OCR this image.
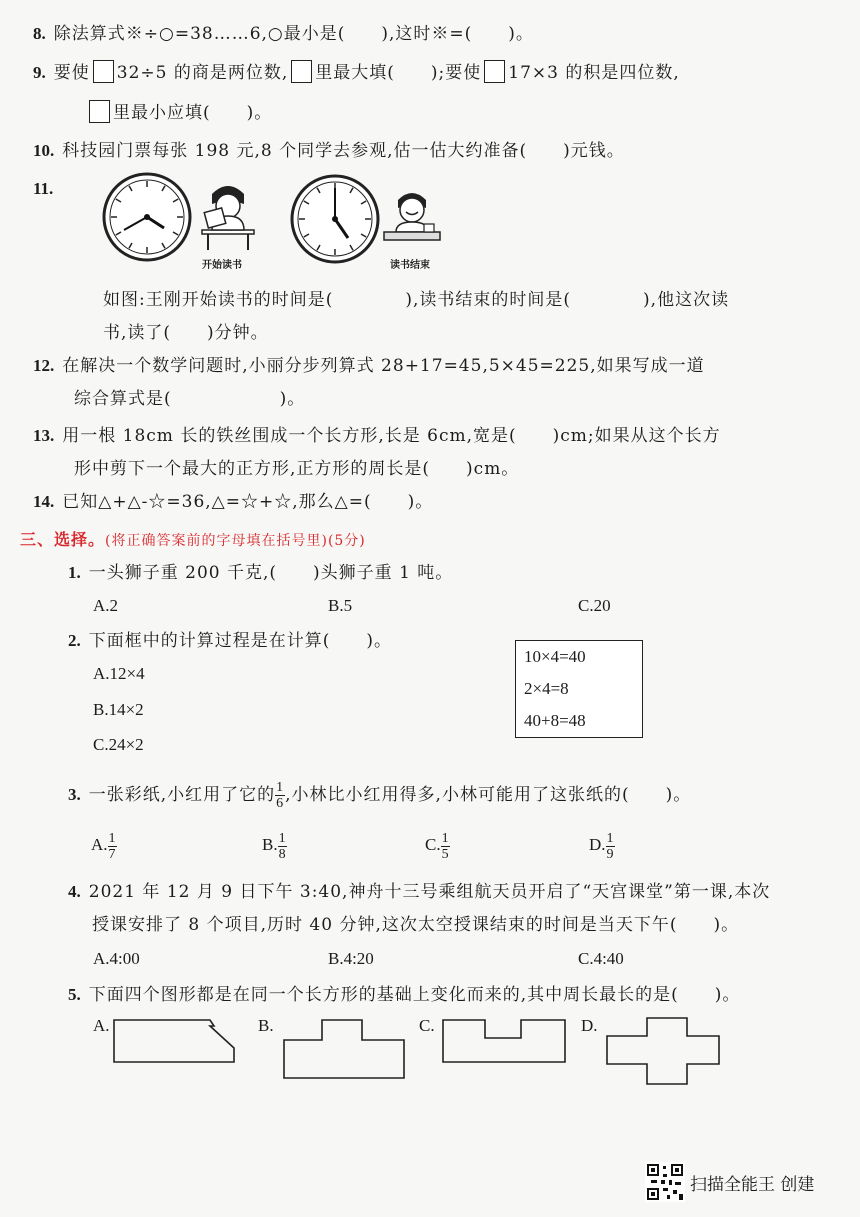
8. 除法算式※÷○=38……6,○最小是(　　),这时※=(　　)。
9. 要使 32÷5 的商是两位数, 里最大填(　　);要使 17×3 的积是四位数,
里最小应填(　　)。
10. 科技园门票每张 198 元,8 个同学去参观,估一估大约准备(　　)元钱。
11.
开始读书	读书结束
如图:王刚开始读书的时间是(　　　　),读书结束的时间是(　　　　),他这次读
书,读了(　　)分钟。
12. 在解决一个数学问题时,小丽分步列算式 28+17=45,5×45=225,如果写成一道
综合算式是(　　　　　　)。
13. 用一根 18cm 长的铁丝围成一个长方形,长是 6cm,宽是(　　)cm;如果从这个长方
形中剪下一个最大的正方形,正方形的周长是(　　)cm。
14. 已知△+△-☆=36,△=☆+☆,那么△=(　　)。
三、选择。(将正确答案前的字母填在括号里)(5分)
1. 一头狮子重 200 千克,(　　)头狮子重 1 吨。
A.2	B.5	C.20
2. 下面框中的计算过程是在计算(　　)。
A.12×4
B.14×2
C.24×2
10×4=40
2×4=8
40+8=48
3. 一张彩纸,小红用了它的 $\frac{1}{6}$ ,小林比小红用得多,小林可能用了这张纸的(　　)。
A. $\frac{1}{7}$	B. $\frac{1}{8}$	C. $\frac{1}{5}$	D. $\frac{1}{9}$
4. 2021 年 12 月 9 日下午 3:40,神舟十三号乘组航天员开启了“天宫课堂”第一课,本次
授课安排了 8 个项目,历时 40 分钟,这次太空授课结束的时间是当天下午(　　)。
A.4:00	B.4:20	C.4:40
5. 下面四个图形都是在同一个长方形的基础上变化而来的,其中周长最长的是(　　)。
A.	B.	C.	D.
扫描全能王 创建
